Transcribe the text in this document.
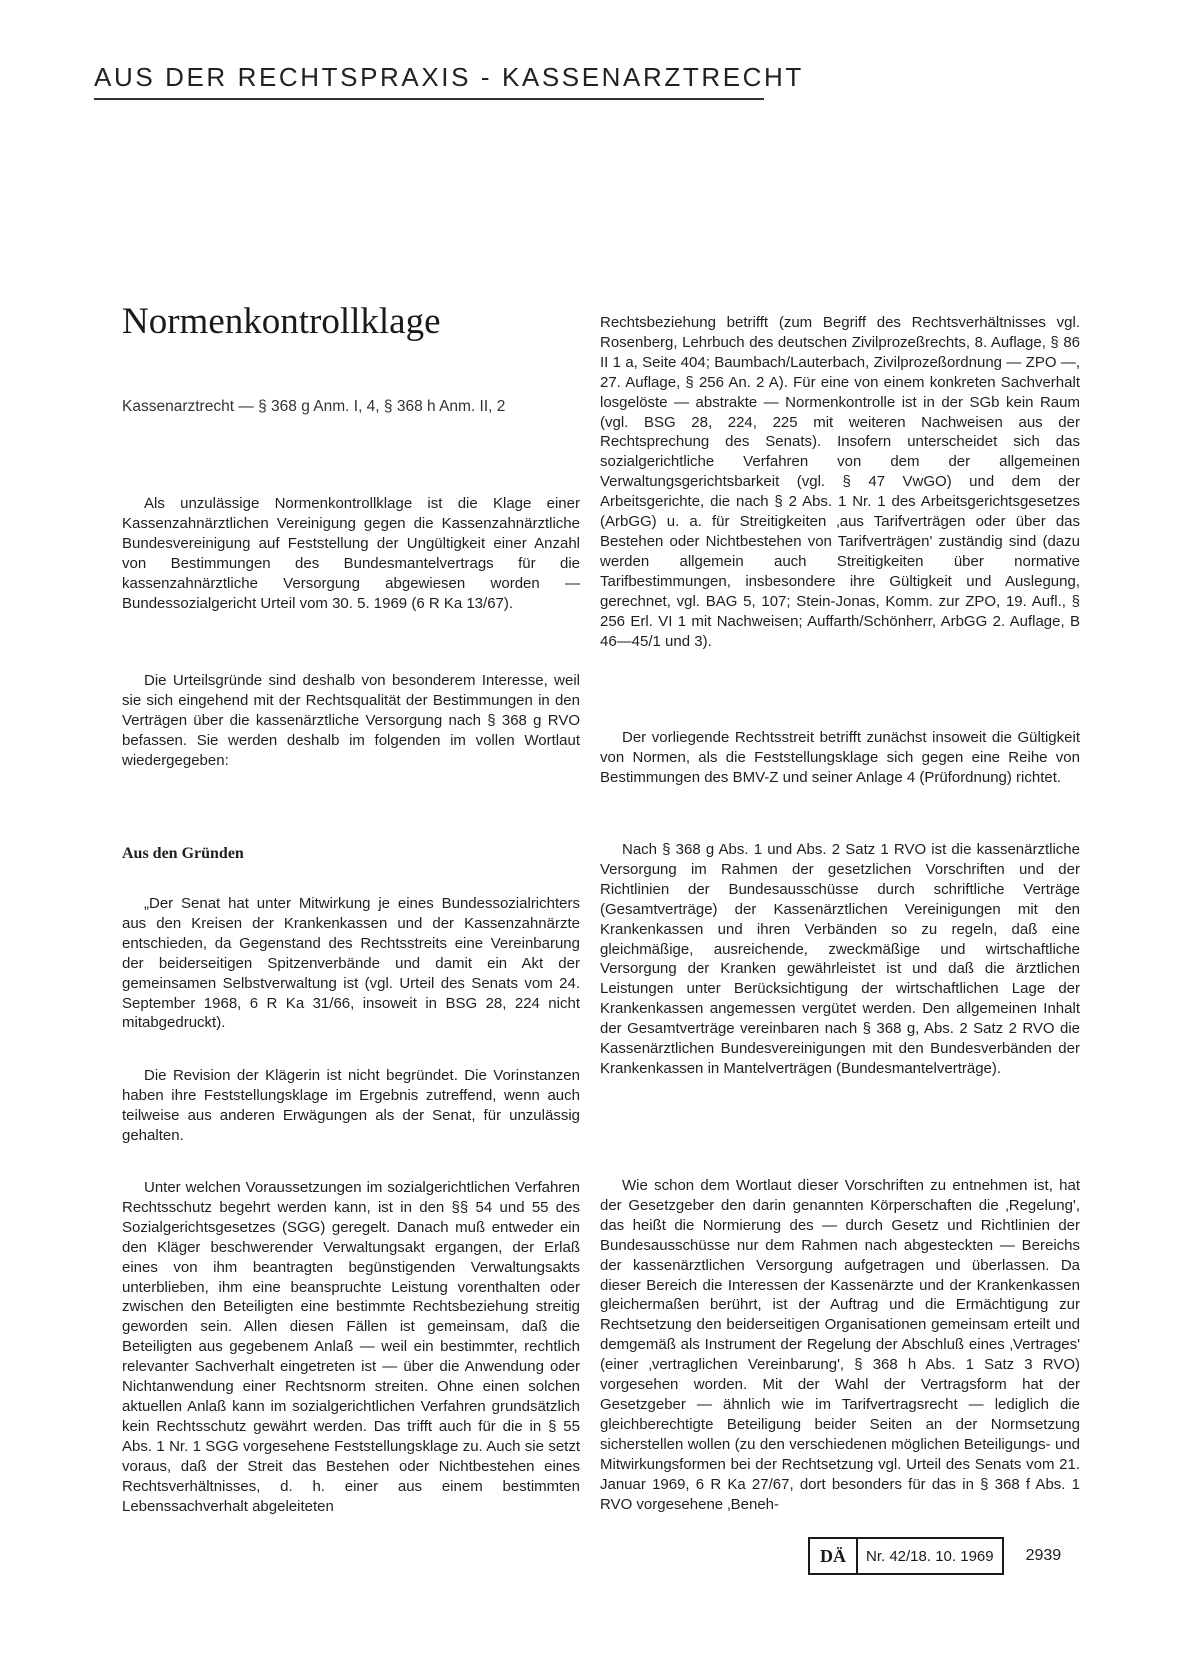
AUS DER RECHTSPRAXIS - KASSENARZTRECHT
Normenkontrollklage
Kassenarztrecht — § 368 g Anm. I, 4, § 368 h Anm. II, 2

Als unzulässige Normenkontrollklage ist die Klage einer Kassenzahnärztlichen Vereinigung gegen die Kassenzahnärztliche Bundesvereinigung auf Feststellung der Ungültigkeit einer Anzahl von Bestimmungen des Bundesmantelvertrags für die kassenzahnärztliche Versorgung abgewiesen worden — Bundessozialgericht Urteil vom 30. 5. 1969 (6 R Ka 13/67).

Die Urteilsgründe sind deshalb von besonderem Interesse, weil sie sich eingehend mit der Rechtsqualität der Bestimmungen in den Verträgen über die kassenärztliche Versorgung nach § 368 g RVO befassen. Sie werden deshalb im folgenden im vollen Wortlaut wiedergegeben:

Aus den Gründen

„Der Senat hat unter Mitwirkung je eines Bundessozialrichters aus den Kreisen der Krankenkassen und der Kassenzahnärzte entschieden, da Gegenstand des Rechtsstreits eine Vereinbarung der beiderseitigen Spitzenverbände und damit ein Akt der gemeinsamen Selbstverwaltung ist (vgl. Urteil des Senats vom 24. September 1968, 6 R Ka 31/66, insoweit in BSG 28, 224 nicht mitabgedruckt).

Die Revision der Klägerin ist nicht begründet. Die Vorinstanzen haben ihre Feststellungsklage im Ergebnis zutreffend, wenn auch teilweise aus anderen Erwägungen als der Senat, für unzulässig gehalten.

Unter welchen Voraussetzungen im sozialgerichtlichen Verfahren Rechtsschutz begehrt werden kann, ist in den §§ 54 und 55 des Sozialgerichtsgesetzes (SGG) geregelt. Danach muß entweder ein den Kläger beschwerender Verwaltungsakt ergangen, der Erlaß eines von ihm beantragten begünstigenden Verwaltungsakts unterblieben, ihm eine beanspruchte Leistung vorenthalten oder zwischen den Beteiligten eine bestimmte Rechtsbeziehung streitig geworden sein. Allen diesen Fällen ist gemeinsam, daß die Beteiligten aus gegebenem Anlaß — weil ein bestimmter, rechtlich relevanter Sachverhalt eingetreten ist — über die Anwendung oder Nichtanwendung einer Rechtsnorm streiten. Ohne einen solchen aktuellen Anlaß kann im sozialgerichtlichen Verfahren grundsätzlich kein Rechtsschutz gewährt werden. Das trifft auch für die in § 55 Abs. 1 Nr. 1 SGG vorgesehene Feststellungsklage zu. Auch sie setzt voraus, daß der Streit das Bestehen oder Nichtbestehen eines Rechtsverhältnisses, d. h. einer aus einem bestimmten Lebenssachverhalt abgeleiteten

Rechtsbeziehung betrifft (zum Begriff des Rechtsverhältnisses vgl. Rosenberg, Lehrbuch des deutschen Zivilprozeßrechts, 8. Auflage, § 86 II 1 a, Seite 404; Baumbach/Lauterbach, Zivilprozeßordnung — ZPO —, 27. Auflage, § 256 An. 2 A). Für eine von einem konkreten Sachverhalt losgelöste — abstrakte — Normenkontrolle ist in der SGb kein Raum (vgl. BSG 28, 224, 225 mit weiteren Nachweisen aus der Rechtsprechung des Senats). Insofern unterscheidet sich das sozialgerichtliche Verfahren von dem der allgemeinen Verwaltungsgerichtsbarkeit (vgl. § 47 VwGO) und dem der Arbeitsgerichte, die nach § 2 Abs. 1 Nr. 1 des Arbeitsgerichtsgesetzes (ArbGG) u. a. für Streitigkeiten ‚aus Tarifverträgen oder über das Bestehen oder Nichtbestehen von Tarifverträgen' zuständig sind (dazu werden allgemein auch Streitigkeiten über normative Tarifbestimmungen, insbesondere ihre Gültigkeit und Auslegung, gerechnet, vgl. BAG 5, 107; Stein-Jonas, Komm. zur ZPO, 19. Aufl., § 256 Erl. VI 1 mit Nachweisen; Auffarth/Schönherr, ArbGG 2. Auflage, B 46—45/1 und 3).

Der vorliegende Rechtsstreit betrifft zunächst insoweit die Gültigkeit von Normen, als die Feststellungsklage sich gegen eine Reihe von Bestimmungen des BMV-Z und seiner Anlage 4 (Prüfordnung) richtet.

Nach § 368 g Abs. 1 und Abs. 2 Satz 1 RVO ist die kassenärztliche Versorgung im Rahmen der gesetzlichen Vorschriften und der Richtlinien der Bundesausschüsse durch schriftliche Verträge (Gesamtverträge) der Kassenärztlichen Vereinigungen mit den Krankenkassen und ihren Verbänden so zu regeln, daß eine gleichmäßige, ausreichende, zweckmäßige und wirtschaftliche Versorgung der Kranken gewährleistet ist und daß die ärztlichen Leistungen unter Berücksichtigung der wirtschaftlichen Lage der Krankenkassen angemessen vergütet werden. Den allgemeinen Inhalt der Gesamtverträge vereinbaren nach § 368 g, Abs. 2 Satz 2 RVO die Kassenärztlichen Bundesvereinigungen mit den Bundesverbänden der Krankenkassen in Mantelverträgen (Bundesmantelverträge).

Wie schon dem Wortlaut dieser Vorschriften zu entnehmen ist, hat der Gesetzgeber den darin genannten Körperschaften die ‚Regelung', das heißt die Normierung des — durch Gesetz und Richtlinien der Bundesausschüsse nur dem Rahmen nach abgesteckten — Bereichs der kassenärztlichen Versorgung aufgetragen und überlassen. Da dieser Bereich die Interessen der Kassenärzte und der Krankenkassen gleichermaßen berührt, ist der Auftrag und die Ermächtigung zur Rechtsetzung den beiderseitigen Organisationen gemeinsam erteilt und demgemäß als Instrument der Regelung der Abschluß eines ‚Vertrages' (einer ‚vertraglichen Vereinbarung', § 368 h Abs. 1 Satz 3 RVO) vorgesehen worden. Mit der Wahl der Vertragsform hat der Gesetzgeber — ähnlich wie im Tarifvertragsrecht — lediglich die gleichberechtigte Beteiligung beider Seiten an der Normsetzung sicherstellen wollen (zu den verschiedenen möglichen Beteiligungs- und Mitwirkungsformen bei der Rechtsetzung vgl. Urteil des Senats vom 21. Januar 1969, 6 R Ka 27/67, dort besonders für das in § 368 f Abs. 1 RVO vorgesehene ‚Beneh-

DÄ	Nr. 42/18. 10. 1969	2939
